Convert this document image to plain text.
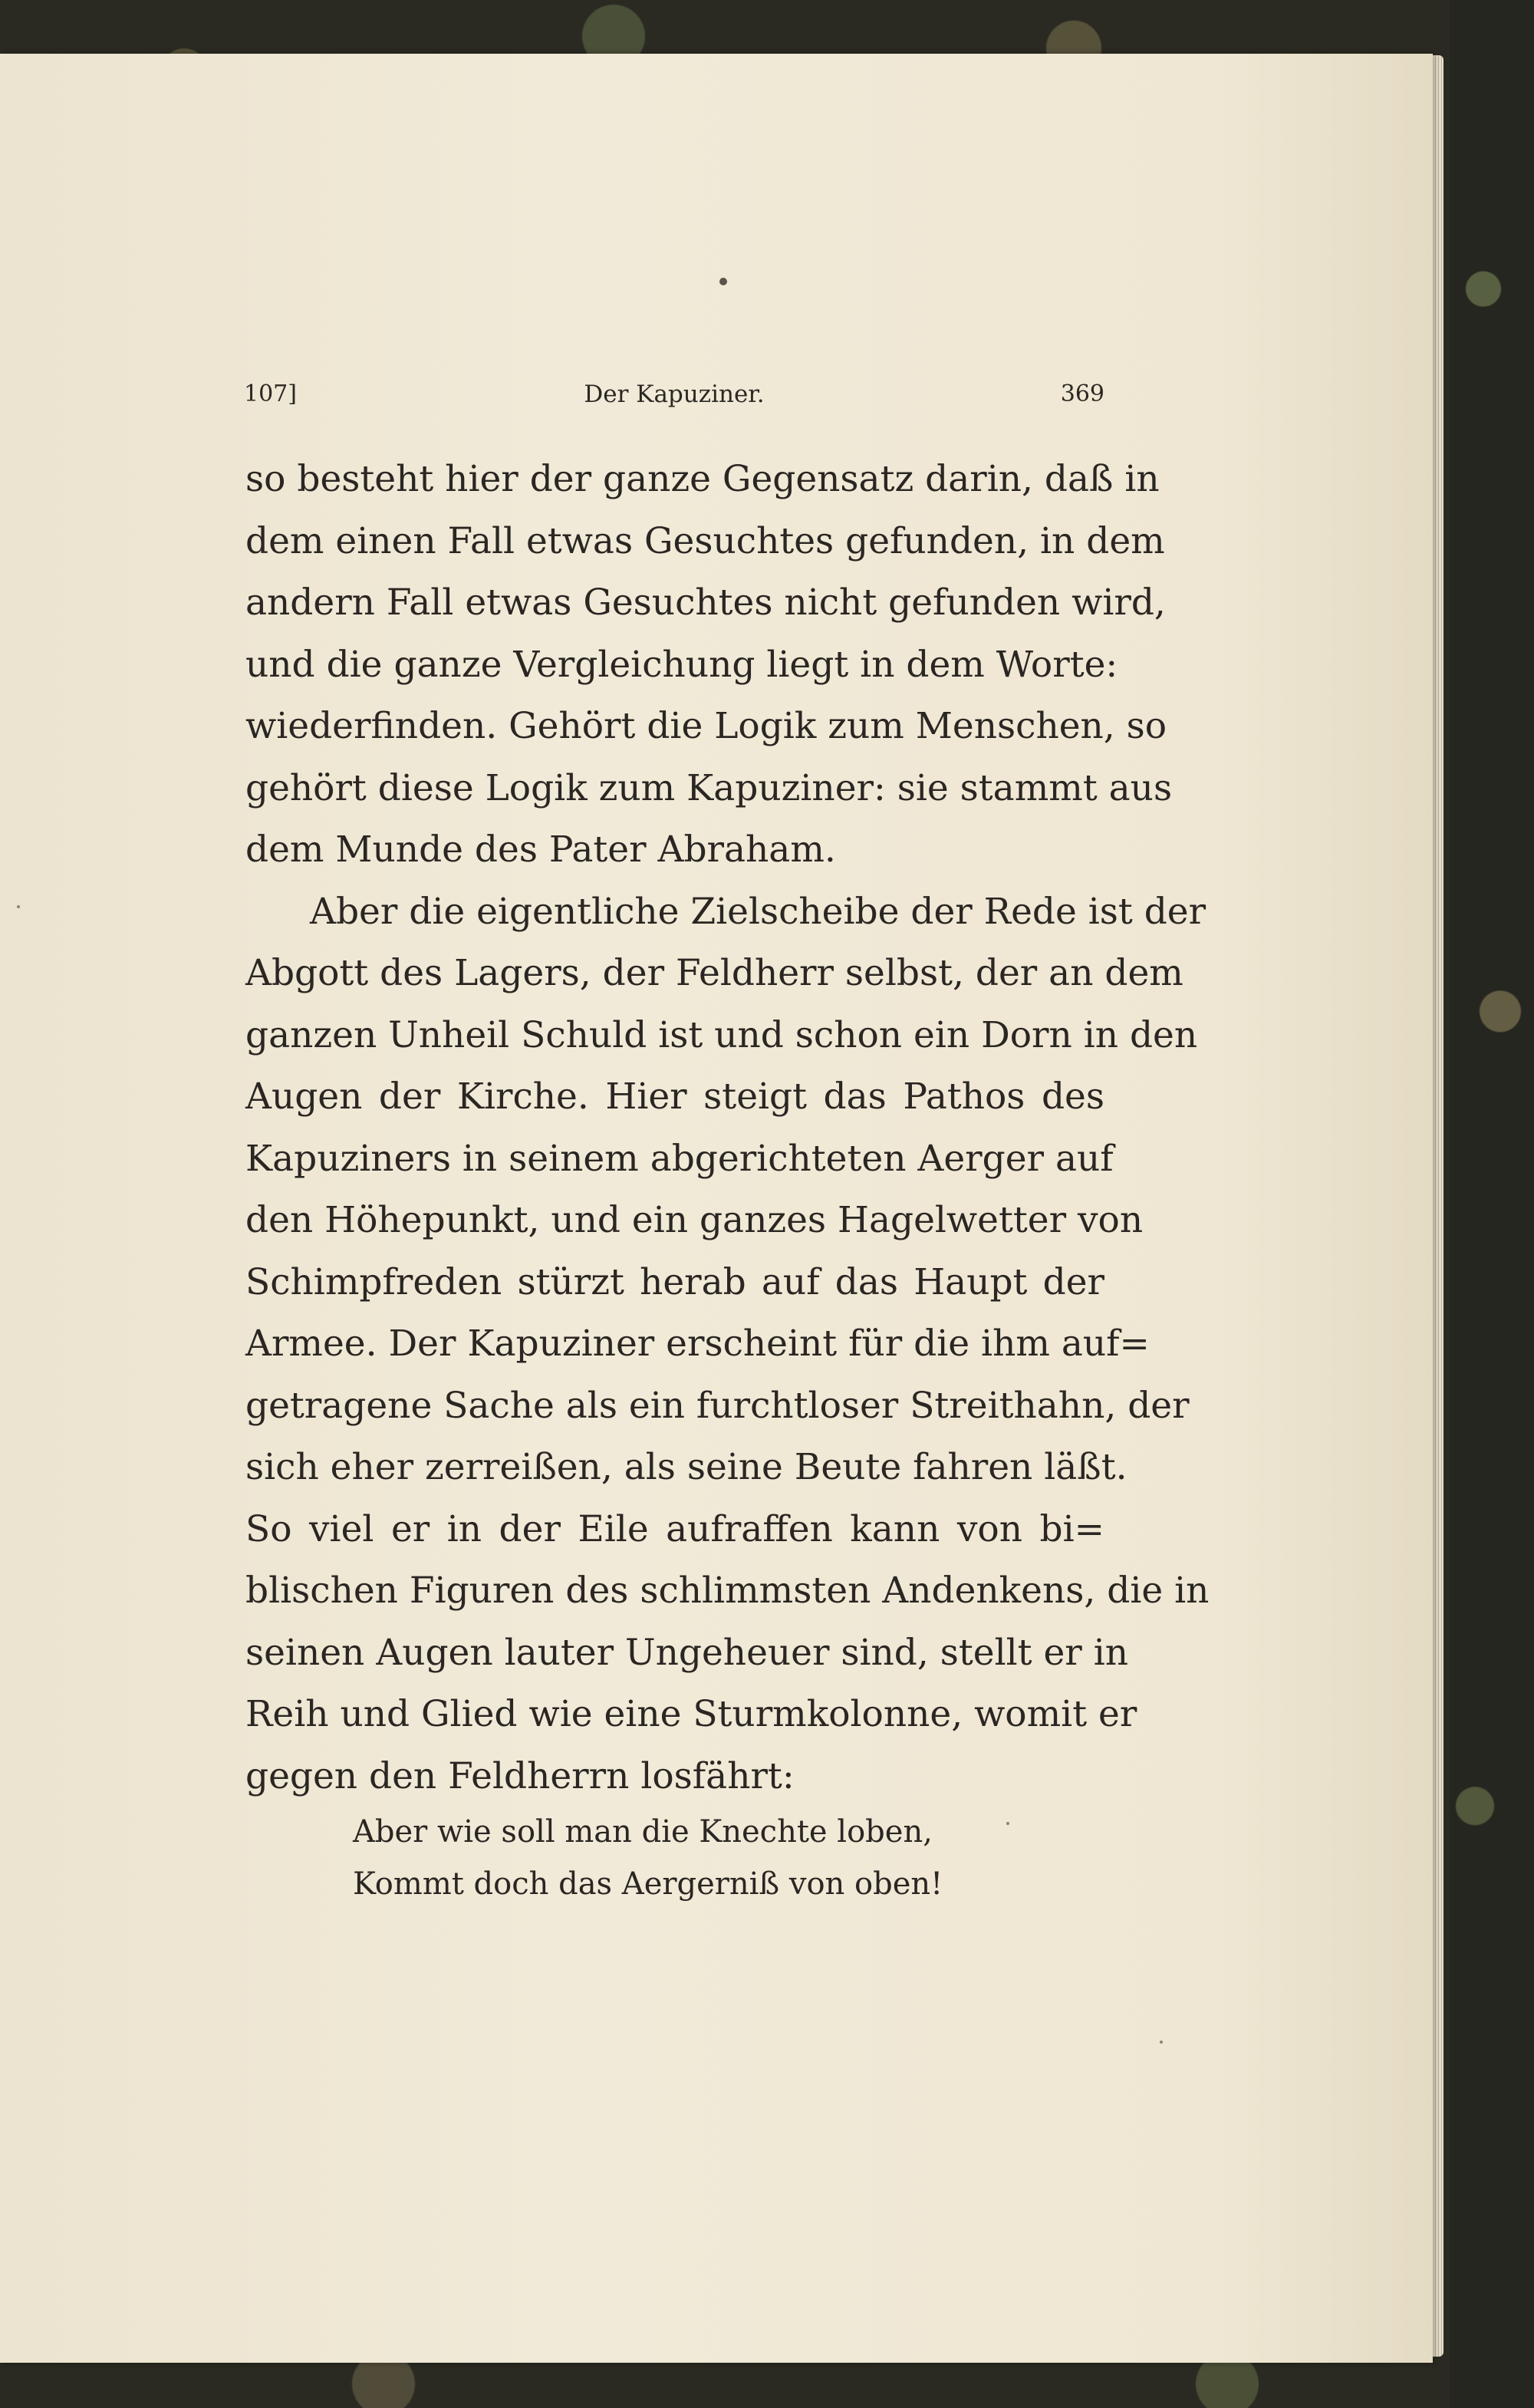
107]	Der Kapuziner.	369
so besteht hier der ganze Gegensatz darin, daß in
dem einen Fall etwas Gesuchtes gefunden, in dem
andern Fall etwas Gesuchtes nicht gefunden wird,
und die ganze Vergleichung liegt in dem Worte:
wiederfinden. Gehört die Logik zum Menschen, so
gehört diese Logik zum Kapuziner: sie stammt aus
dem Munde des Pater Abraham.
Aber die eigentliche Zielscheibe der Rede ist der
Abgott des Lagers, der Feldherr selbst, der an dem
ganzen Unheil Schuld ist und schon ein Dorn in den
Augen der Kirche. Hier steigt das Pathos des
Kapuziners in seinem abgerichteten Aerger auf
den Höhepunkt, und ein ganzes Hagelwetter von
Schimpfreden stürzt herab auf das Haupt der
Armee. Der Kapuziner erscheint für die ihm auf=
getragene Sache als ein furchtloser Streithahn, der
sich eher zerreißen, als seine Beute fahren läßt.
So viel er in der Eile aufraffen kann von bi=
blischen Figuren des schlimmsten Andenkens, die in
seinen Augen lauter Ungeheuer sind, stellt er in
Reih und Glied wie eine Sturmkolonne, womit er
gegen den Feldherrn losfährt:
Aber wie soll man die Knechte loben,
Kommt doch das Aergerniß von oben!
